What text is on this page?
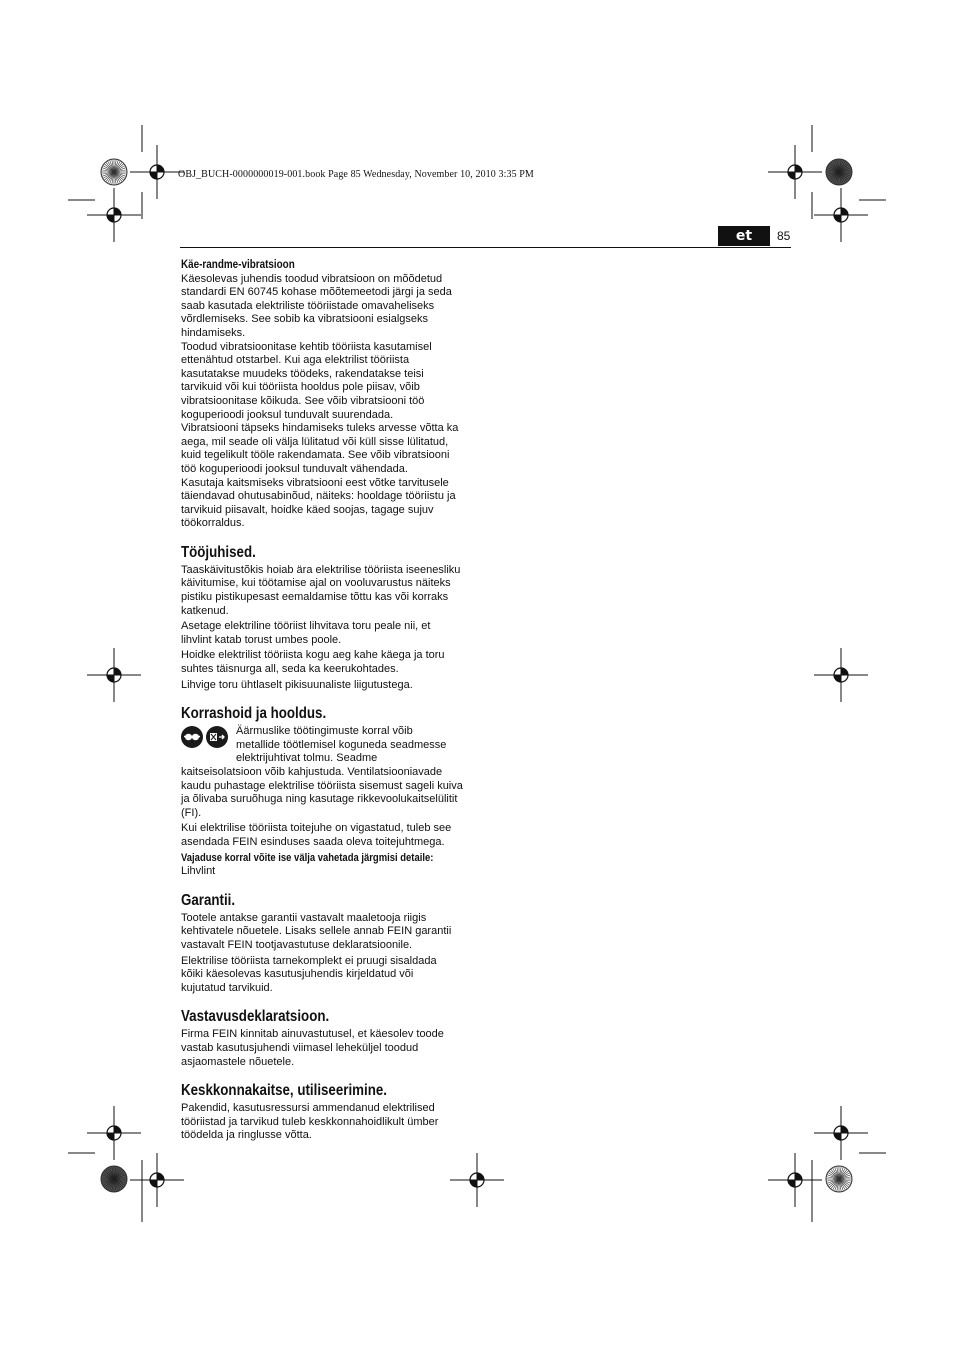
OBJ_BUCH-0000000019-001.book Page 85 Wednesday, November 10, 2010 3:35 PM
et	85
Käe-randme-vibratsioon

Käesolevas juhendis toodud vibratsioon on mõõdetud

standardi EN 60745 kohase mõõtemeetodi järgi ja seda

saab kasutada elektriliste tööriistade omavaheliseks

võrdlemiseks. See sobib ka vibratsiooni esialgseks

hindamiseks.

Toodud vibratsioonitase kehtib tööriista kasutamisel

ettenähtud otstarbel. Kui aga elektrilist tööriista

kasutatakse muudeks töödeks, rakendatakse teisi

tarvikuid või kui tööriista hooldus pole piisav, võib

vibratsioonitase kõikuda. See võib vibratsiooni töö

koguperioodi jooksul tunduvalt suurendada.

Vibratsiooni täpseks hindamiseks tuleks arvesse võtta ka

aega, mil seade oli välja lülitatud või küll sisse lülitatud,

kuid tegelikult tööle rakendamata. See võib vibratsiooni

töö koguperioodi jooksul tunduvalt vähendada.

Kasutaja kaitsmiseks vibratsiooni eest võtke tarvitusele

täiendavad ohutusabinõud, näiteks: hooldage tööriistu ja

tarvikuid piisavalt, hoidke käed soojas, tagage sujuv

töökorraldus.

Tööjuhised.

Taaskäivitustõkis hoiab ära elektrilise tööriista iseenesliku

käivitumise, kui töötamise ajal on vooluvarustus näiteks

pistiku pistikupesast eemaldamise tõttu kas või korraks

katkenud.

Asetage elektriline tööriist lihvitava toru peale nii, et

lihvlint katab torust umbes poole.

Hoidke elektrilist tööriista kogu aeg kahe käega ja toru

suhtes täisnurga all, seda ka keerukohtades.

Lihvige toru ühtlaselt pikisuunaliste liigutustega.

Korrashoid ja hooldus.

Äärmuslike töötingimuste korral võib

metallide töötlemisel koguneda seadmesse

elektrijuhtivat tolmu. Seadme

kaitseisolatsioon võib kahjustuda. Ventilatsiooniavade

kaudu puhastage elektrilise tööriista sisemust sageli kuiva

ja õlivaba suruõhuga ning kasutage rikkevoolukaitselülitit

(FI).

Kui elektrilise tööriista toitejuhe on vigastatud, tuleb see

asendada FEIN esinduses saada oleva toitejuhtmega.

Vajaduse korral võite ise välja vahetada järgmisi detaile:

Lihvlint

Garantii.

Tootele antakse garantii vastavalt maaletooja riigis

kehtivatele nõuetele. Lisaks sellele annab FEIN garantii

vastavalt FEIN tootjavastutuse deklaratsioonile.

Elektrilise tööriista tarnekomplekt ei pruugi sisaldada

kõiki käesolevas kasutusjuhendis kirjeldatud või

kujutatud tarvikuid.

Vastavusdeklaratsioon.

Firma FEIN kinnitab ainuvastutusel, et käesolev toode

vastab kasutusjuhendi viimasel leheküljel toodud

asjaomastele nõuetele.

Keskkonnakaitse, utiliseerimine.

Pakendid, kasutusressursi ammendanud elektrilised

tööriistad ja tarvikud tuleb keskkonnahoidlikult ümber

töödelda ja ringlusse võtta.
